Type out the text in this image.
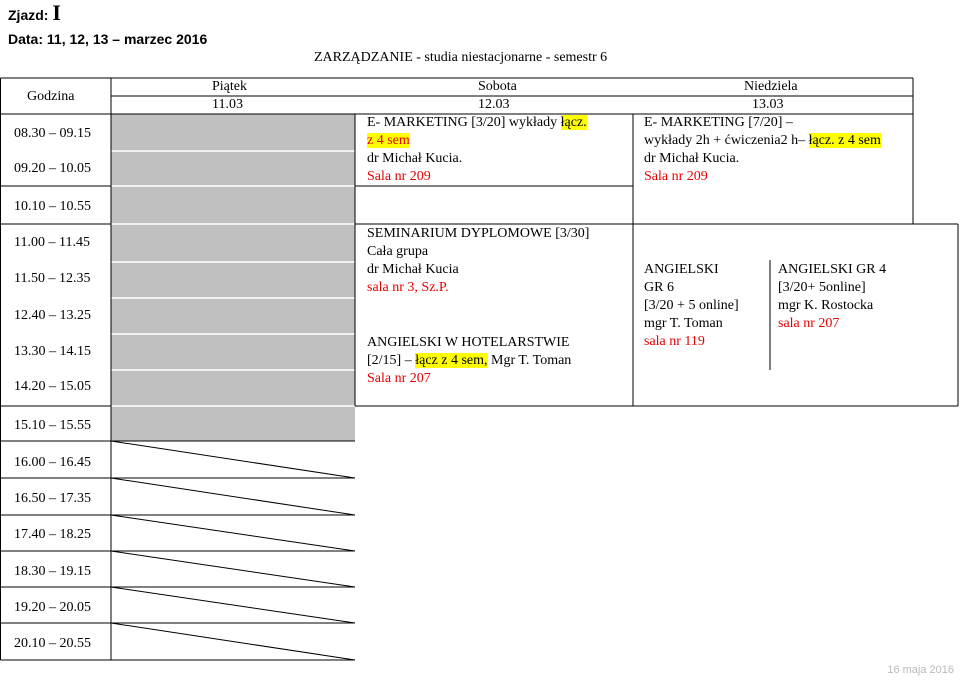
Zjazd: I
Data: 11, 12, 13 – marzec 2016
ZARZĄDZANIE - studia niestacjonarne - semestr 6
Godzina
Piątek
11.03
Sobota
12.03
Niedziela
13.03
08.30 – 09.15
09.20 – 10.05
10.10 – 10.55
11.00 – 11.45
11.50 – 12.35
12.40 – 13.25
13.30 – 14.15
14.20 – 15.05
15.10 – 15.55
16.00 – 16.45
16.50 – 17.35
17.40 – 18.25
18.30 – 19.15
19.20 – 20.05
20.10 – 20.55
E- MARKETING [3/20] wykłady łącz.
z 4 sem
dr Michał Kucia.
Sala nr 209
SEMINARIUM DYPLOMOWE [3/30]
Cała grupa
dr Michał Kucia
sala nr 3, Sz.P.
ANGIELSKI W HOTELARSTWIE
[2/15] – łącz z 4 sem, Mgr T. Toman
Sala nr 207
E- MARKETING [7/20] –
wykłady 2h + ćwiczenia2 h– łącz. z 4 sem
dr Michał Kucia.
Sala nr 209
ANGIELSKI
GR 6
[3/20 + 5 online]
mgr T. Toman
sala nr 119
ANGIELSKI GR 4
[3/20+ 5online]
mgr K. Rostocka
sala nr 207
16 maja 2016
